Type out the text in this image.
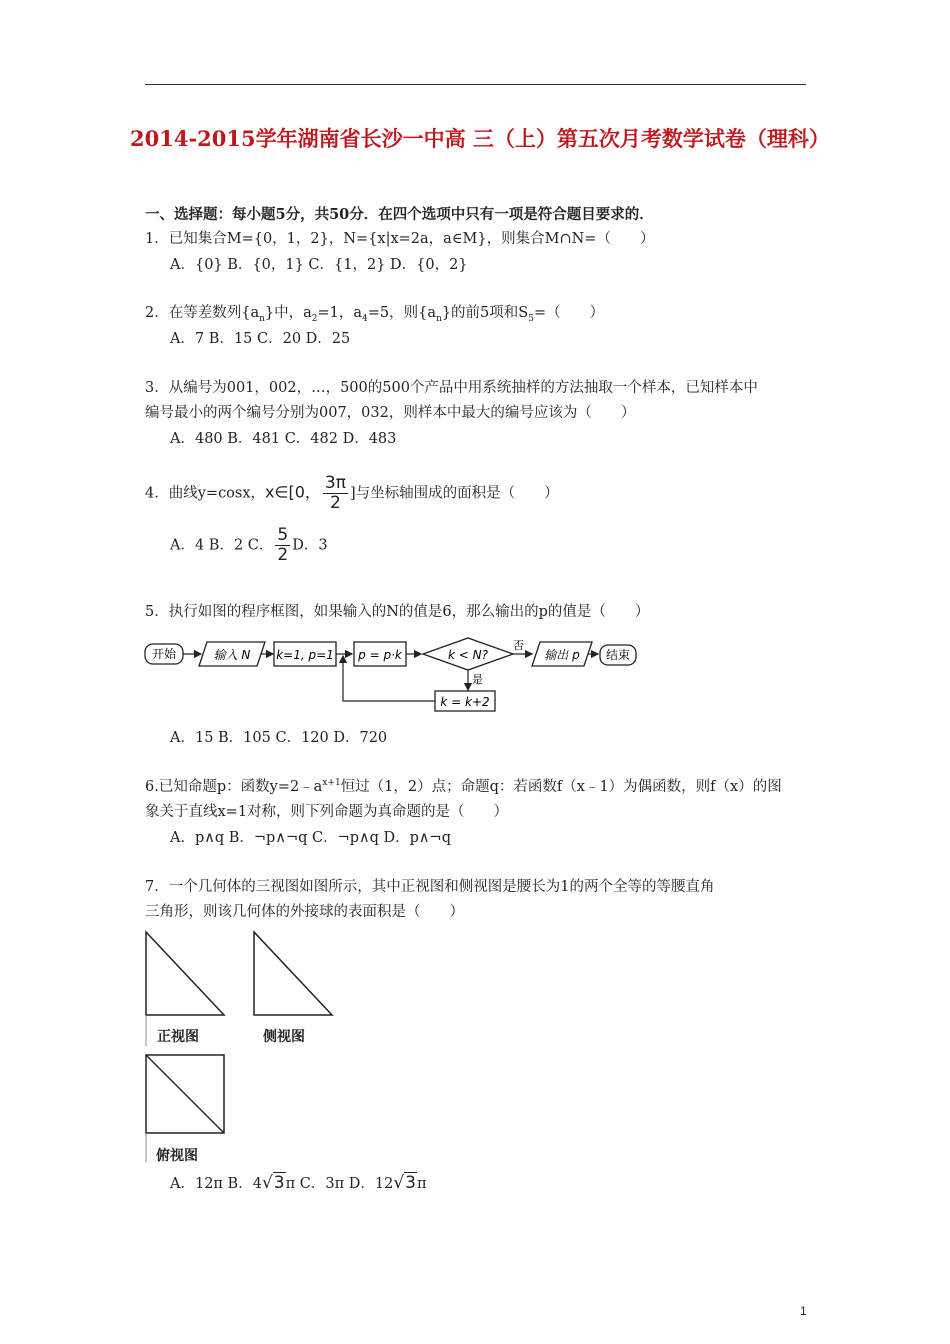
2014-2015学年湖南省长沙一中高 三（上）第五次月考数学试卷（理科）
一、选择题：每小题5分，共50分．在四个选项中只有一项是符合题目要求的．
1．已知集合M={0，1，2}，N={x|x=2a，a∈M}，则集合M∩N=（　　）
A．{0} B．{0，1} C．{1，2} D．{0，2}
2．在等差数列$\{a_n\}$中，$a_2=1$，$a_4=5$，则$\{a_n\}$的前5项和$S_5=$（　　）
A．7 B．15 C．20 D．25
3．从编号为001，002，…，500的500个产品中用系统抽样的方法抽取一个样本，已知样本中
编号最小的两个编号分别为007，032，则样本中最大的编号应该为（　　）
A．480 B．481 C．482 D．483
4．曲线y=cosx，x∈[0， $\frac{3\pi}{2}$ ]与坐标轴围成的面积是（　　）
A．4 B．2 C． $\frac{5}{2}$ D．3
5．执行如图的程序框图，如果输入的N的值是6，那么输出的p的值是（　　）
开始	输入 N k=1, p=1 p = p·k	k < N?
否
输出 p 结束
是
k = k+2
A．15 B．105 C．120 D．720
6.已知命题p：函数$y=2﹣a^{x+1}$恒过（1，2）点；命题q：若函数f（x﹣1）为偶函数，则f（x）的图
象关于直线x=1对称，则下列命题为真命题的是（　　）
A．p∧q B．¬p∧¬q C．¬p∧q D．p∧¬q
7．一个几何体的三视图如图所示，其中正视图和侧视图是腰长为1的两个全等的等腰直角
三角形，则该几何体的外接球的表面积是（　　）
正视图	侧视图
俯视图
A．12π B．4√3π C．3π D．12√3π
1
